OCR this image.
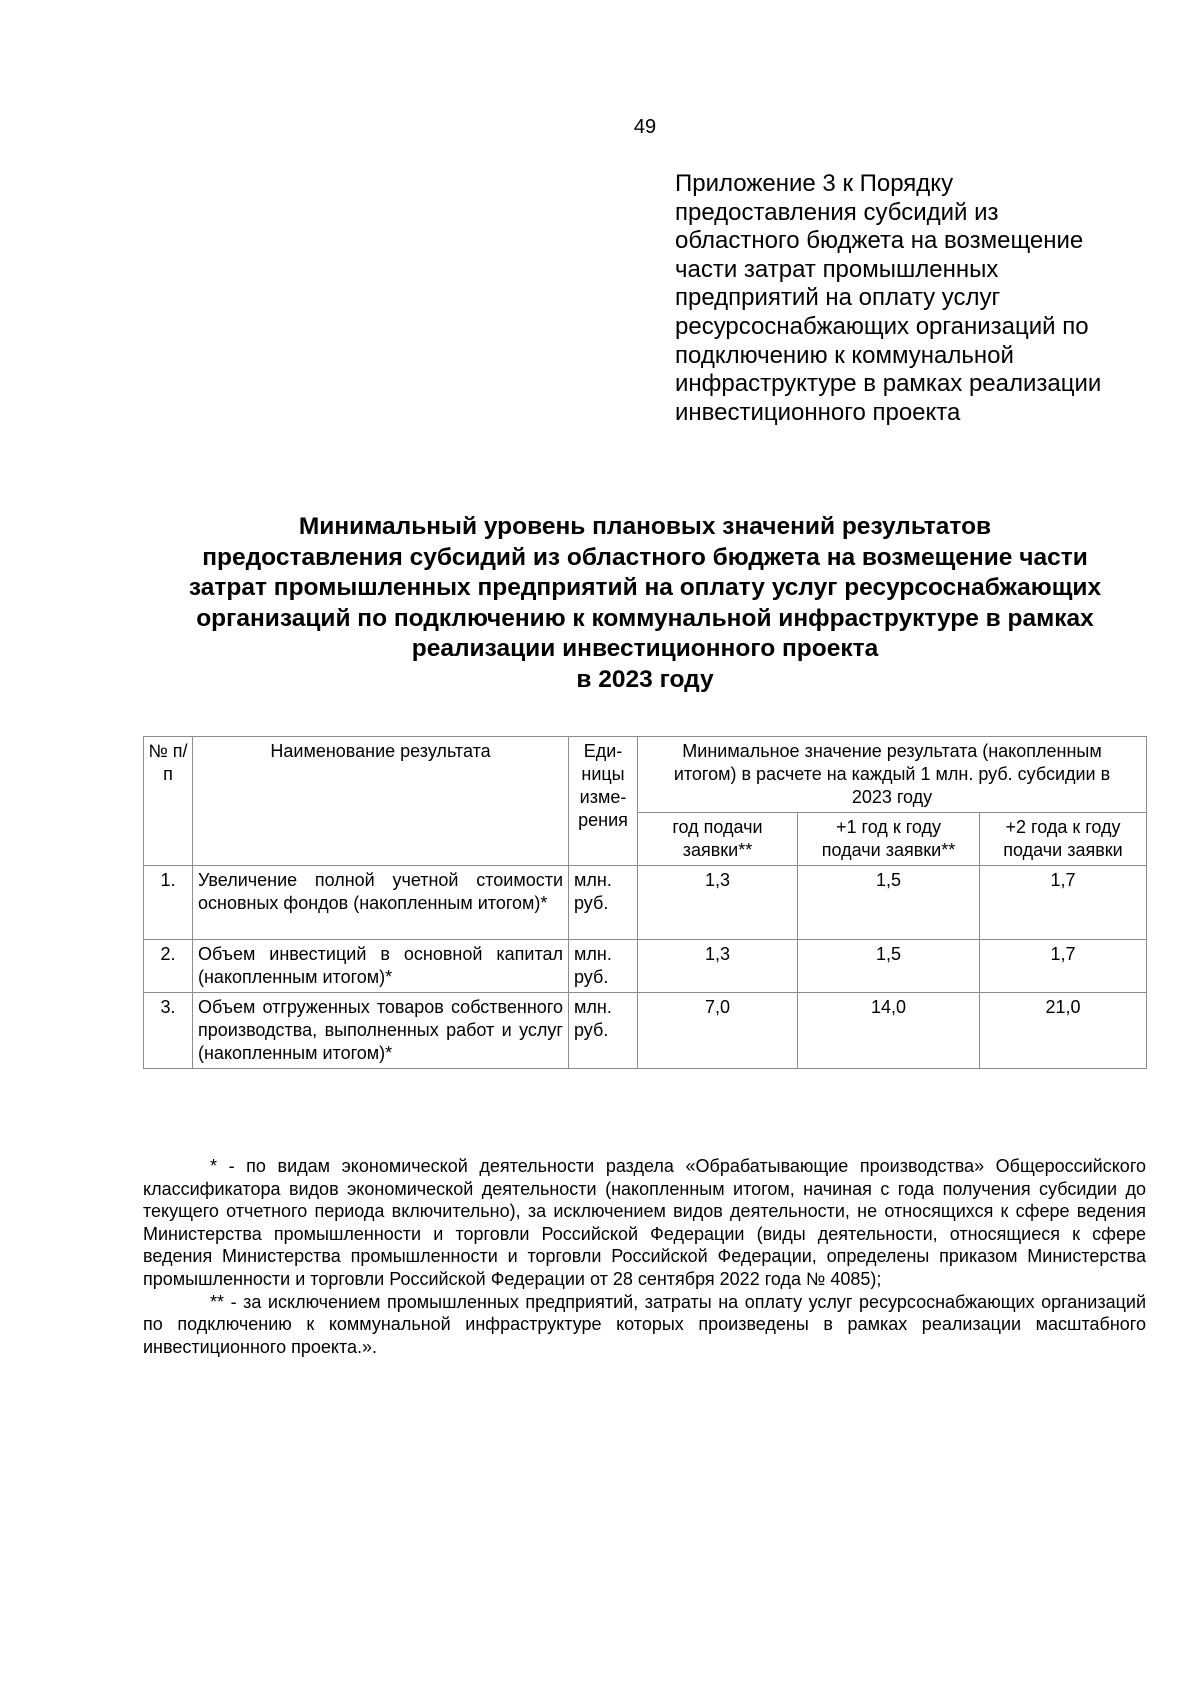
49
Приложение 3 к Порядку
предоставления субсидий из
областного бюджета на возмещение
части затрат промышленных
предприятий на оплату услуг
ресурсоснабжающих организаций по
подключению к коммунальной
инфраструктуре в рамках реализации
инвестиционного проекта
Минимальный уровень плановых значений результатов
предоставления субсидий из областного бюджета на возмещение части
затрат промышленных предприятий на оплату услуг ресурсоснабжающих
организаций по подключению к коммунальной инфраструктуре в рамках
реализации инвестиционного проекта
в 2023 году
№ п/п	Наименование результата	Еди-ницы изме-рения	Минимальное значение результата (накопленным итогом) в расчете на каждый 1 млн. руб. субсидии в 2023 году		
			год подачи заявки**	+1 год к году подачи заявки**	+2 года к году подачи заявки
1.	Увеличение полной учетной стоимости основных фондов (накопленным итогом)*	млн. руб.	1,3	1,5	1,7
2.	Объем инвестиций в основной капитал (накопленным итогом)*	млн. руб.	1,3	1,5	1,7
3.	Объем отгруженных товаров собственного производства, выполненных работ и услуг (накопленным итогом)*	млн. руб.	7,0	14,0	21,0
* - по видам экономической деятельности раздела «Обрабатывающие производства» Общероссийского классификатора видов экономической деятельности (накопленным итогом, начиная с года получения субсидии до текущего отчетного периода включительно), за исключением видов деятельности, не относящихся к сфере ведения Министерства промышленности и торговли Российской Федерации (виды деятельности, относящиеся к сфере ведения Министерства промышленности и торговли Российской Федерации, определены приказом Министерства промышленности и торговли Российской Федерации от 28 сентября 2022 года № 4085);
** - за исключением промышленных предприятий, затраты на оплату услуг ресурсоснабжающих организаций по подключению к коммунальной инфраструктуре которых произведены в рамках реализации масштабного инвестиционного проекта.».
